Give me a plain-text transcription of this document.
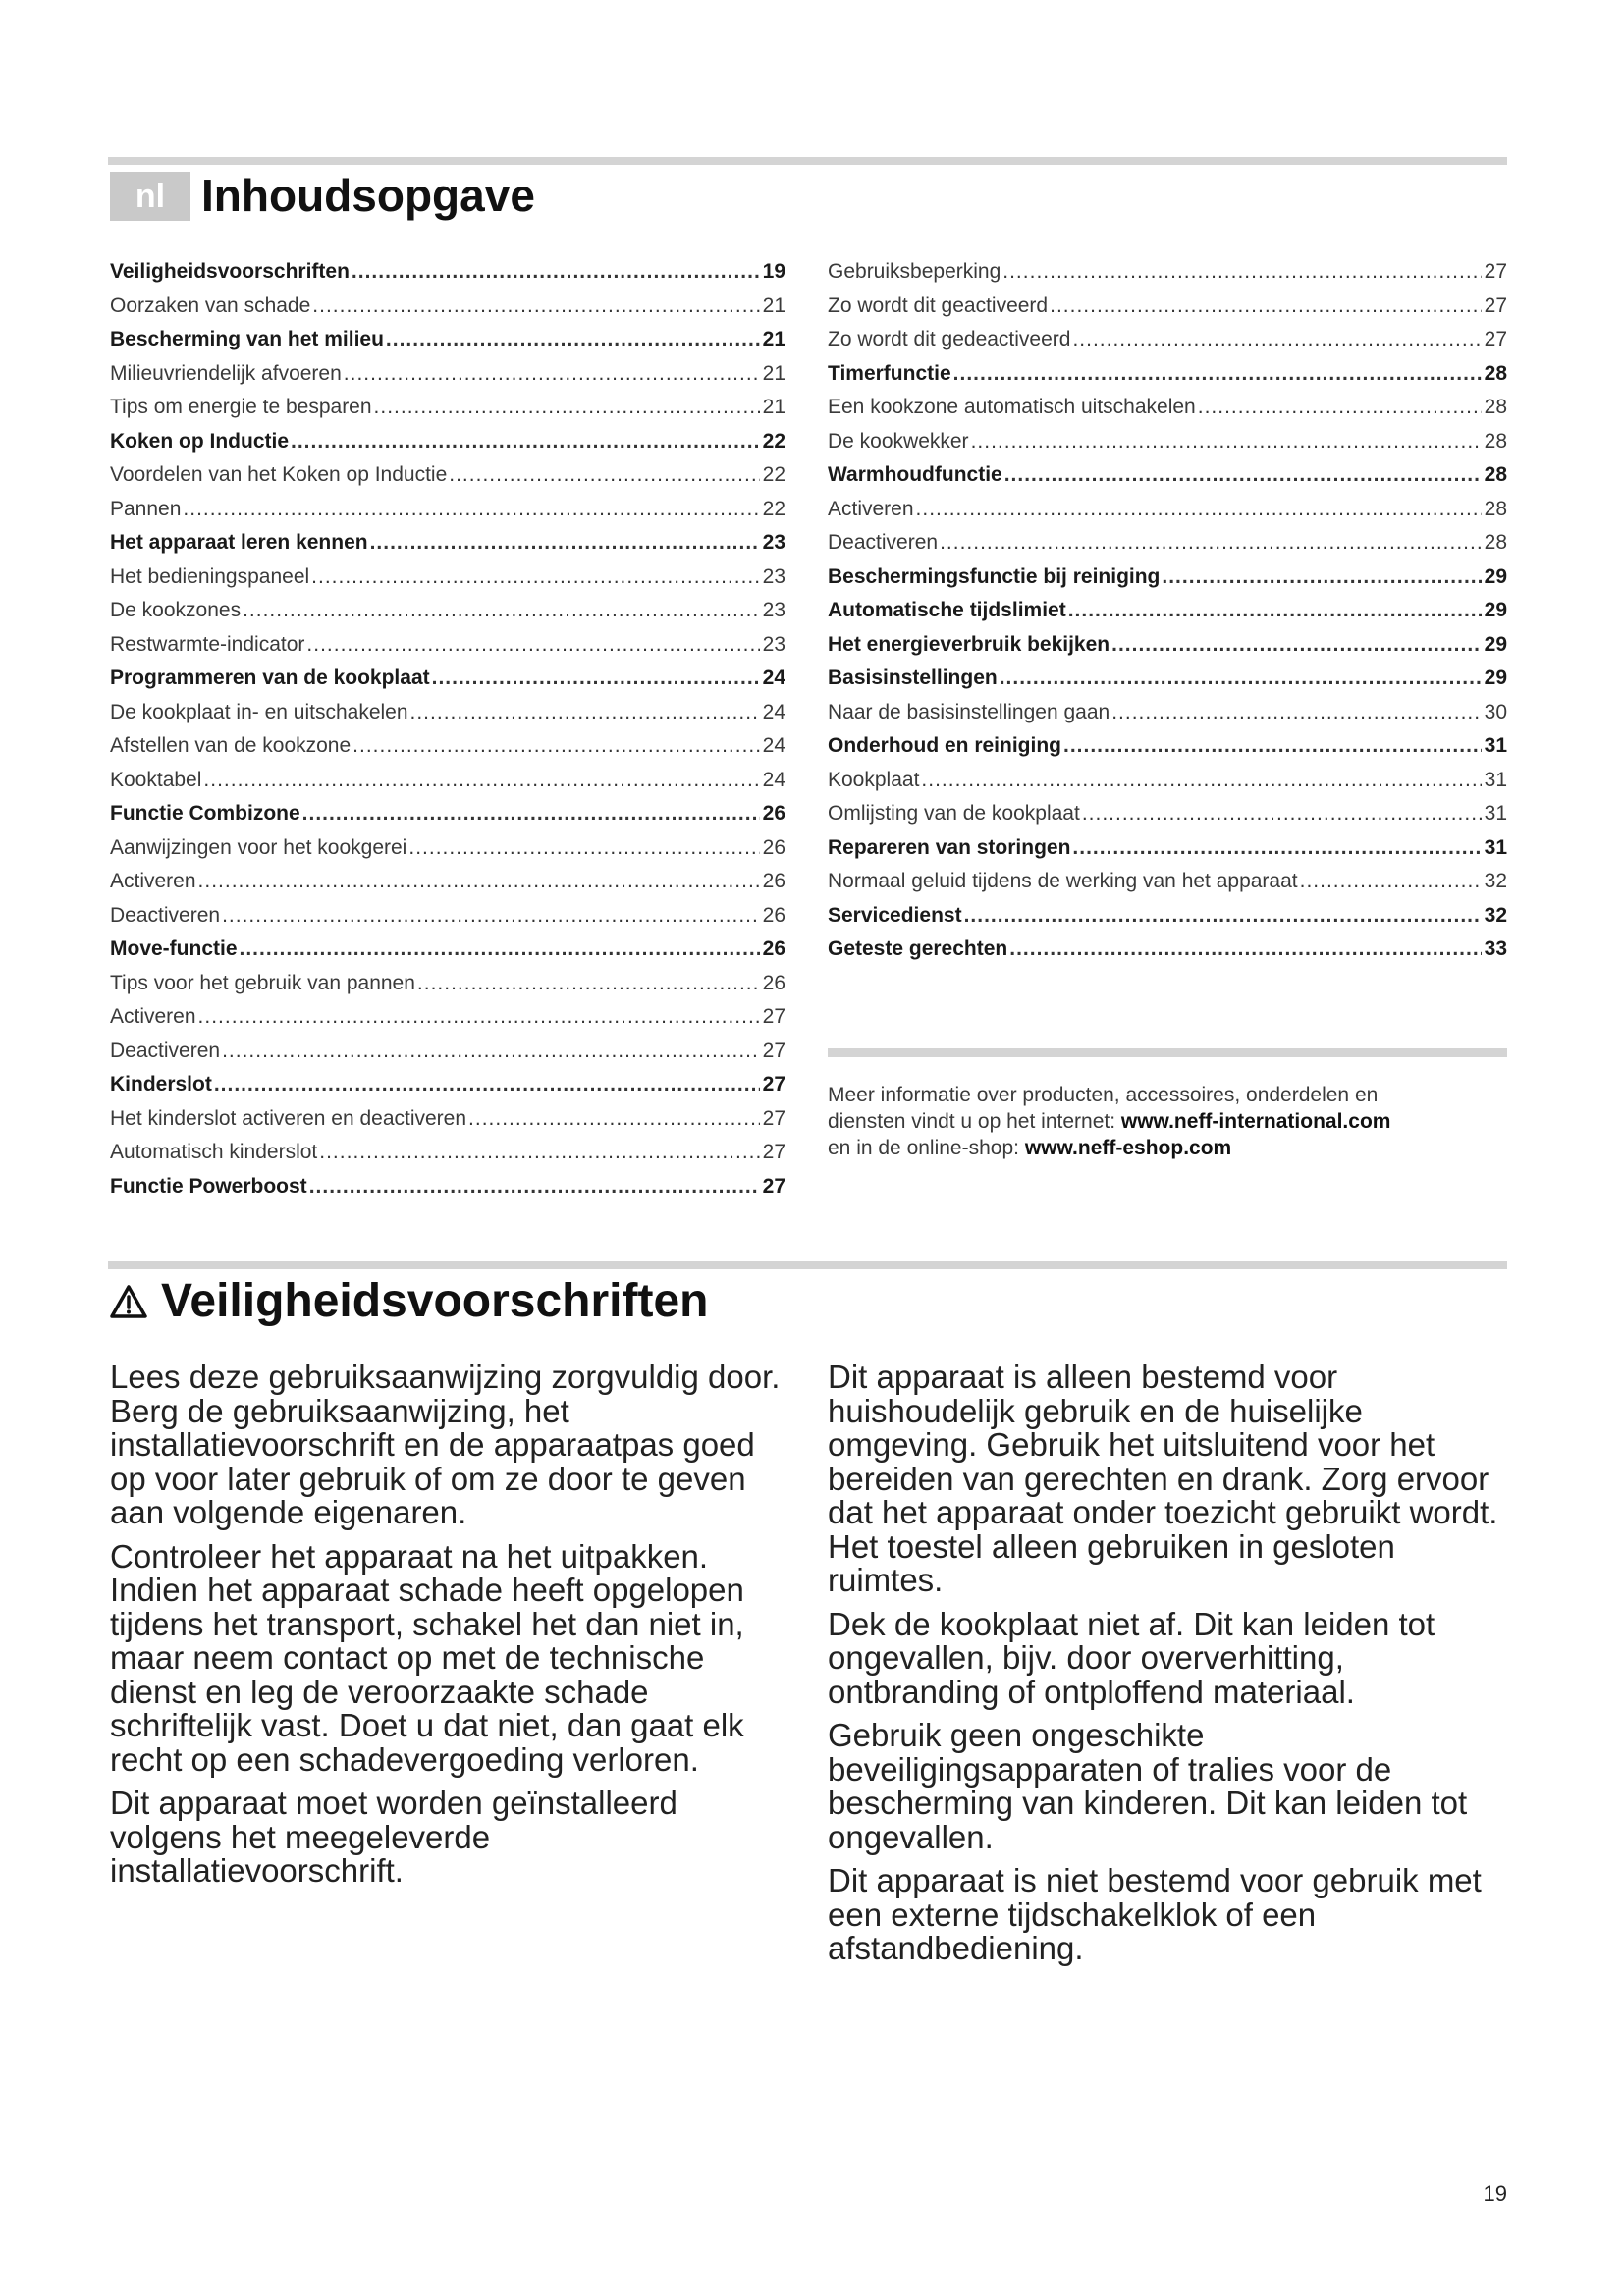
nl Inhoudsopgave
Veiligheidsvoorschriften .....	19
Oorzaken van schade .....	21
Bescherming van het milieu .....	21
Milieuvriendelijk afvoeren .....	21
Tips om energie te besparen .....	21
Koken op Inductie .....	22
Voordelen van het Koken op Inductie .....	22
Pannen .....	22
Het apparaat leren kennen .....	23
Het bedieningspaneel .....	23
De kookzones .....	23
Restwarmte-indicator .....	23
Programmeren van de kookplaat .....	24
De kookplaat in- en uitschakelen .....	24
Afstellen van de kookzone .....	24
Kooktabel .....	24
Functie Combizone .....	26
Aanwijzingen voor het kookgerei .....	26
Activeren .....	26
Deactiveren .....	26
Move-functie .....	26
Tips voor het gebruik van pannen .....	26
Activeren .....	27
Deactiveren .....	27
Kinderslot .....	27
Het kinderslot activeren en deactiveren .....	27
Automatisch kinderslot .....	27
Functie Powerboost .....	27
Gebruiksbeperking .....	27
Zo wordt dit geactiveerd .....	27
Zo wordt dit gedeactiveerd .....	27
Timerfunctie .....	28
Een kookzone automatisch uitschakelen .....	28
De kookwekker .....	28
Warmhoudfunctie .....	28
Activeren .....	28
Deactiveren .....	28
Beschermingsfunctie bij reiniging .....	29
Automatische tijdslimiet .....	29
Het energieverbruik bekijken .....	29
Basisinstellingen .....	29
Naar de basisinstellingen gaan .....	30
Onderhoud en reiniging .....	31
Kookplaat .....	31
Omlijsting van de kookplaat .....	31
Repareren van storingen .....	31
Normaal geluid tijdens de werking van het apparaat .....	32
Servicedienst .....	32
Geteste gerechten .....	33
Meer informatie over producten, accessoires, onderdelen en
diensten vindt u op het internet: www.neff-international.com
en in de online-shop: www.neff-eshop.com
Veiligheidsvoorschriften

Lees deze gebruiksaanwijzing zorgvuldig door. Berg de gebruiksaanwijzing, het installatievoorschrift en de apparaatpas goed op voor later gebruik of om ze door te geven aan volgende eigenaren.

Controleer het apparaat na het uitpakken. Indien het apparaat schade heeft opgelopen tijdens het transport, schakel het dan niet in, maar neem contact op met de technische dienst en leg de veroorzaakte schade schriftelijk vast. Doet u dat niet, dan gaat elk recht op een schadevergoeding verloren.

Dit apparaat moet worden geïnstalleerd volgens het meegeleverde installatievoorschrift.

Dit apparaat is alleen bestemd voor huishoudelijk gebruik en de huiselijke omgeving. Gebruik het uitsluitend voor het bereiden van gerechten en drank. Zorg ervoor dat het apparaat onder toezicht gebruikt wordt. Het toestel alleen gebruiken in gesloten ruimtes.

Dek de kookplaat niet af. Dit kan leiden tot ongevallen, bijv. door oververhitting, ontbranding of ontploffend materiaal.

Gebruik geen ongeschikte beveiligingsapparaten of tralies voor de bescherming van kinderen. Dit kan leiden tot ongevallen.

Dit apparaat is niet bestemd voor gebruik met een externe tijdschakelklok of een afstandbediening.

19
